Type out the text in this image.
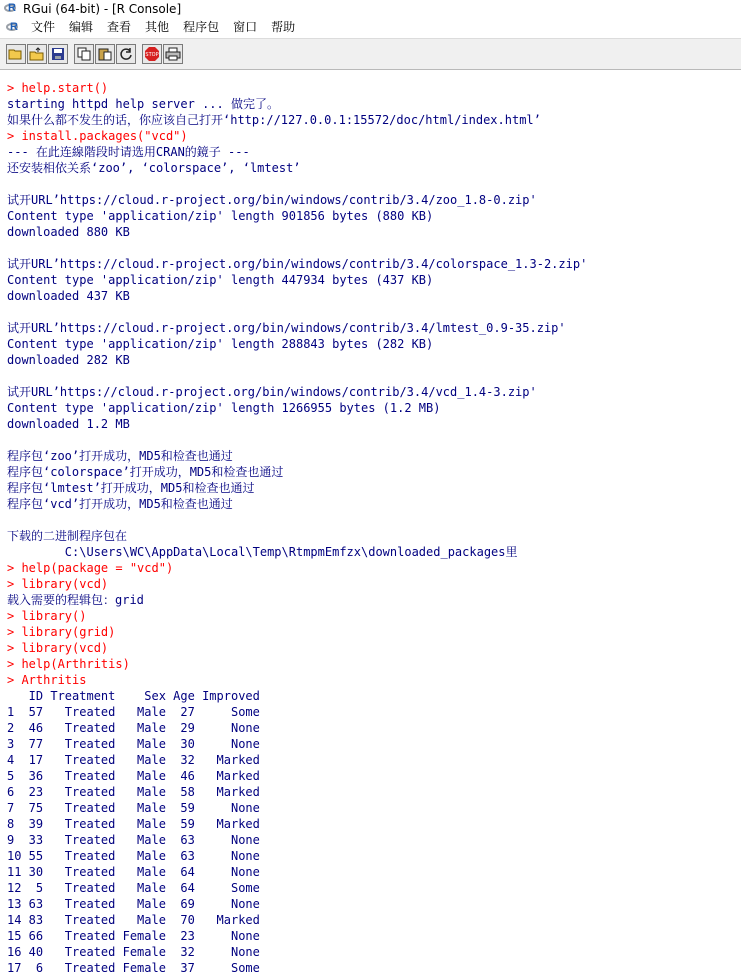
R RGui (64-bit) - [R Console]
R	文件	编辑	查看	其他	程序包	窗口	帮助
STOP
> help.start()
starting httpd help server ... 做完了。
如果什么都不发生的话，你应该自己打开‘http://127.0.0.1:15572/doc/html/index.html’
> install.packages("vcd")
--- 在此连線階段时请选用CRAN的鏡子 ---
还安装相依关系‘zoo’, ‘colorspace’, ‘lmtest’
试开URL’https://cloud.r-project.org/bin/windows/contrib/3.4/zoo_1.8-0.zip'
Content type 'application/zip' length 901856 bytes (880 KB)
downloaded 880 KB
试开URL’https://cloud.r-project.org/bin/windows/contrib/3.4/colorspace_1.3-2.zip'
Content type 'application/zip' length 447934 bytes (437 KB)
downloaded 437 KB
试开URL’https://cloud.r-project.org/bin/windows/contrib/3.4/lmtest_0.9-35.zip'
Content type 'application/zip' length 288843 bytes (282 KB)
downloaded 282 KB
试开URL’https://cloud.r-project.org/bin/windows/contrib/3.4/vcd_1.4-3.zip'
Content type 'application/zip' length 1266955 bytes (1.2 MB)
downloaded 1.2 MB
程序包‘zoo’打开成功，MD5和检查也通过
程序包‘colorspace’打开成功，MD5和检查也通过
程序包‘lmtest’打开成功，MD5和检查也通过
程序包‘vcd’打开成功，MD5和检查也通过
下载的二进制程序包在
C:\Users\WC\AppData\Local\Temp\RtmpmEmfzx\downloaded_packages里
> help(package = "vcd")
> library(vcd)
载入需要的程辑包：grid
> library()
> library(grid)
> library(vcd)
> help(Arthritis)
> Arthritis
ID Treatment    Sex Age Improved
1  57   Treated   Male  27     Some
2  46   Treated   Male  29     None
3  77   Treated   Male  30     None
4  17   Treated   Male  32   Marked
5  36   Treated   Male  46   Marked
6  23   Treated   Male  58   Marked
7  75   Treated   Male  59     None
8  39   Treated   Male  59   Marked
9  33   Treated   Male  63     None
10 55   Treated   Male  63     None
11 30   Treated   Male  64     None
12  5   Treated   Male  64     Some
13 63   Treated   Male  69     None
14 83   Treated   Male  70   Marked
15 66   Treated Female  23     None
16 40   Treated Female  32     None
17  6   Treated Female  37     Some
